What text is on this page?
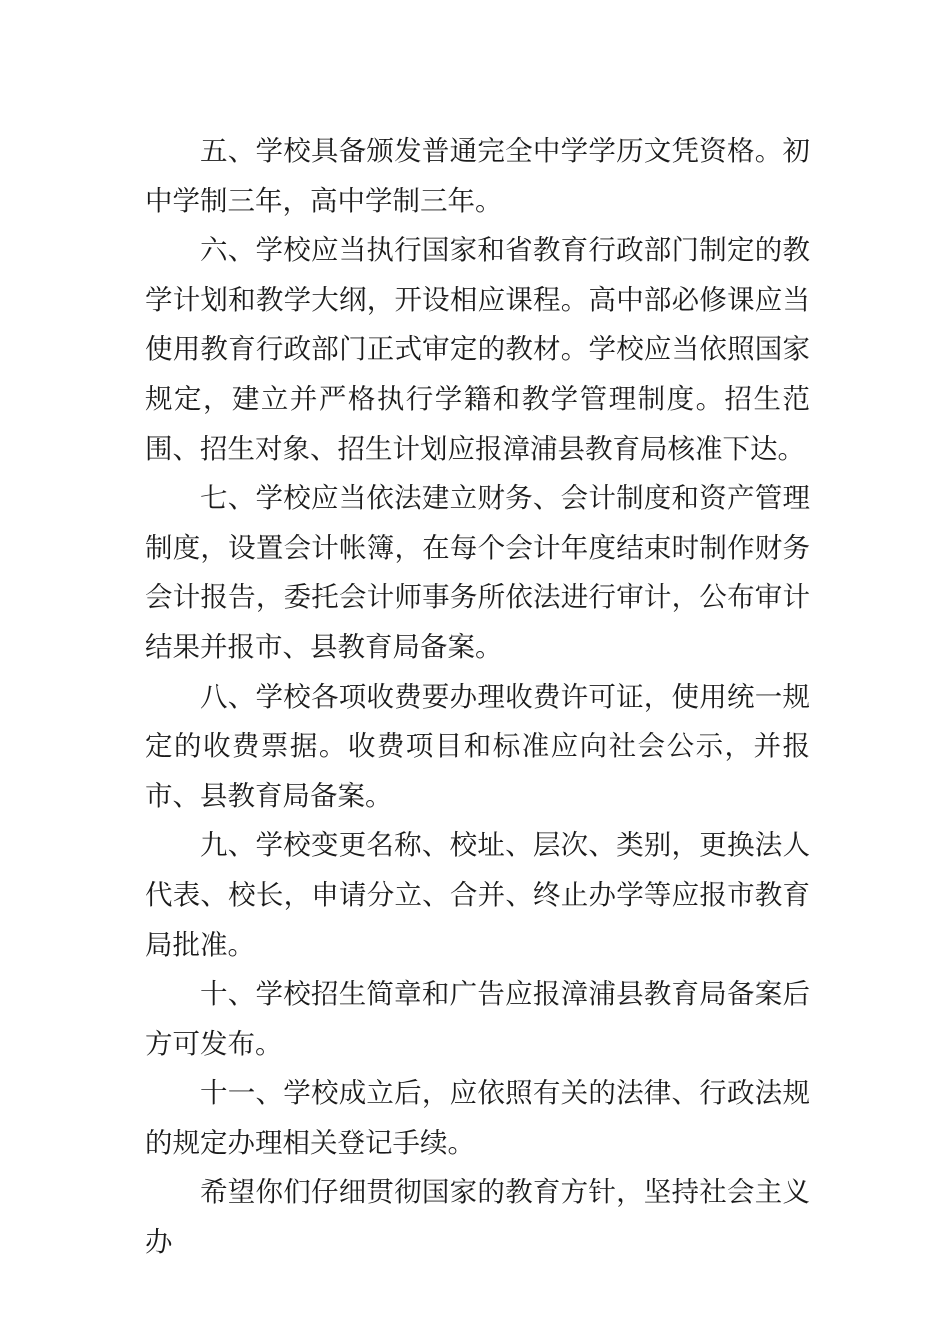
五、学校具备颁发普通完全中学学历文凭资格。初中学制三年，高中学制三年。

六、学校应当执行国家和省教育行政部门制定的教学计划和教学大纲，开设相应课程。高中部必修课应当使用教育行政部门正式审定的教材。学校应当依照国家规定，建立并严格执行学籍和教学管理制度。招生范围、招生对象、招生计划应报漳浦县教育局核准下达。

七、学校应当依法建立财务、会计制度和资产管理制度，设置会计帐簿，在每个会计年度结束时制作财务会计报告，委托会计师事务所依法进行审计，公布审计结果并报市、县教育局备案。

八、学校各项收费要办理收费许可证，使用统一规定的收费票据。收费项目和标准应向社会公示，并报市、县教育局备案。

九、学校变更名称、校址、层次、类别，更换法人代表、校长，申请分立、合并、终止办学等应报市教育局批准。

十、学校招生简章和广告应报漳浦县教育局备案后方可发布。

十一、学校成立后，应依照有关的法律、行政法规的规定办理相关登记手续。

希望你们仔细贯彻国家的教育方针，坚持社会主义办
